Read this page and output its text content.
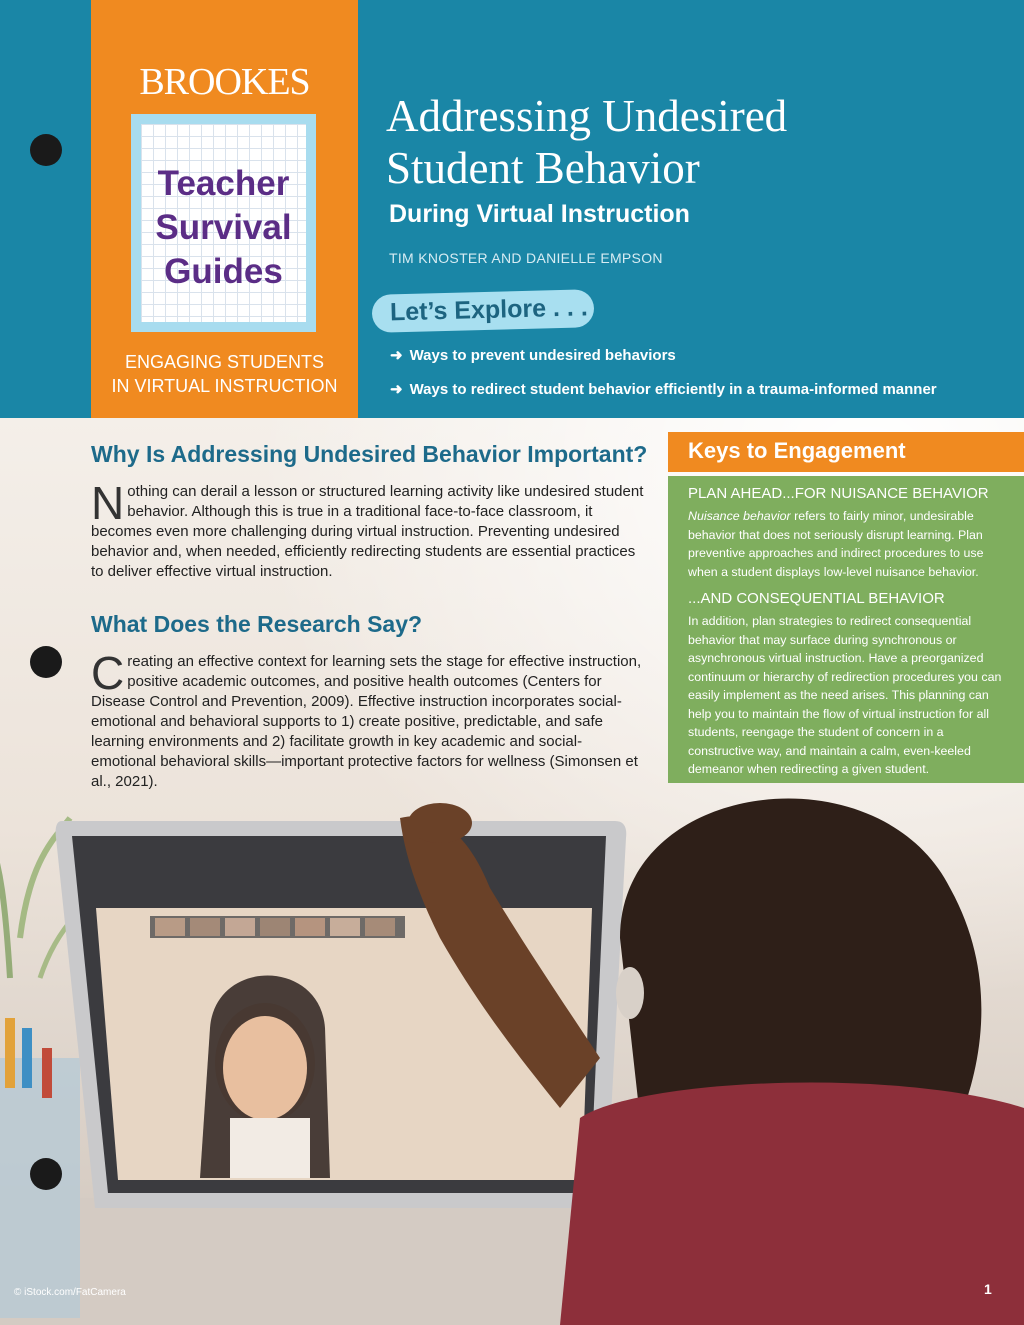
BROOKES
Teacher
Survival
Guides
ENGAGING STUDENTS
IN VIRTUAL INSTRUCTION
Addressing Undesired
Student Behavior
During Virtual Instruction
TIM KNOSTER AND DANIELLE EMPSON
Let’s Explore . . .
➜ Ways to prevent undesired behaviors
➜ Ways to redirect student behavior efficiently in a trauma-informed manner
Why Is Addressing Undesired Behavior Important?
Nothing can derail a lesson or structured learning activity like undesired student behavior. Although this is true in a traditional face-to-face classroom, it becomes even more challenging during virtual instruction. Preventing undesired behavior and, when needed, efficiently redirecting students are essential practices to deliver effective virtual instruction.
What Does the Research Say?
Creating an effective context for learning sets the stage for effective instruction, positive academic outcomes, and positive health outcomes (Centers for Disease Control and Prevention, 2009). Effective instruction incorporates social-emotional and behavioral supports to 1) create positive, predictable, and safe learning environments and 2) facilitate growth in key academic and social-emotional behavioral skills—important protective factors for wellness (Simonsen et al., 2021).
Keys to Engagement
PLAN AHEAD...FOR NUISANCE BEHAVIOR
Nuisance behavior refers to fairly minor, undesirable behavior that does not seriously disrupt learning. Plan preventive approaches and indirect procedures to use when a student displays low-level nuisance behavior.
...AND CONSEQUENTIAL BEHAVIOR
In addition, plan strategies to redirect consequential behavior that may surface during synchronous or asynchronous virtual instruction. Have a preorganized continuum or hierarchy of redirection procedures you can easily implement as the need arises. This planning can help you to maintain the flow of virtual instruction for all students, reengage the student of concern in a constructive way, and maintain a calm, even-keeled demeanor when redirecting a given student.
© iStock.com/FatCamera	1
